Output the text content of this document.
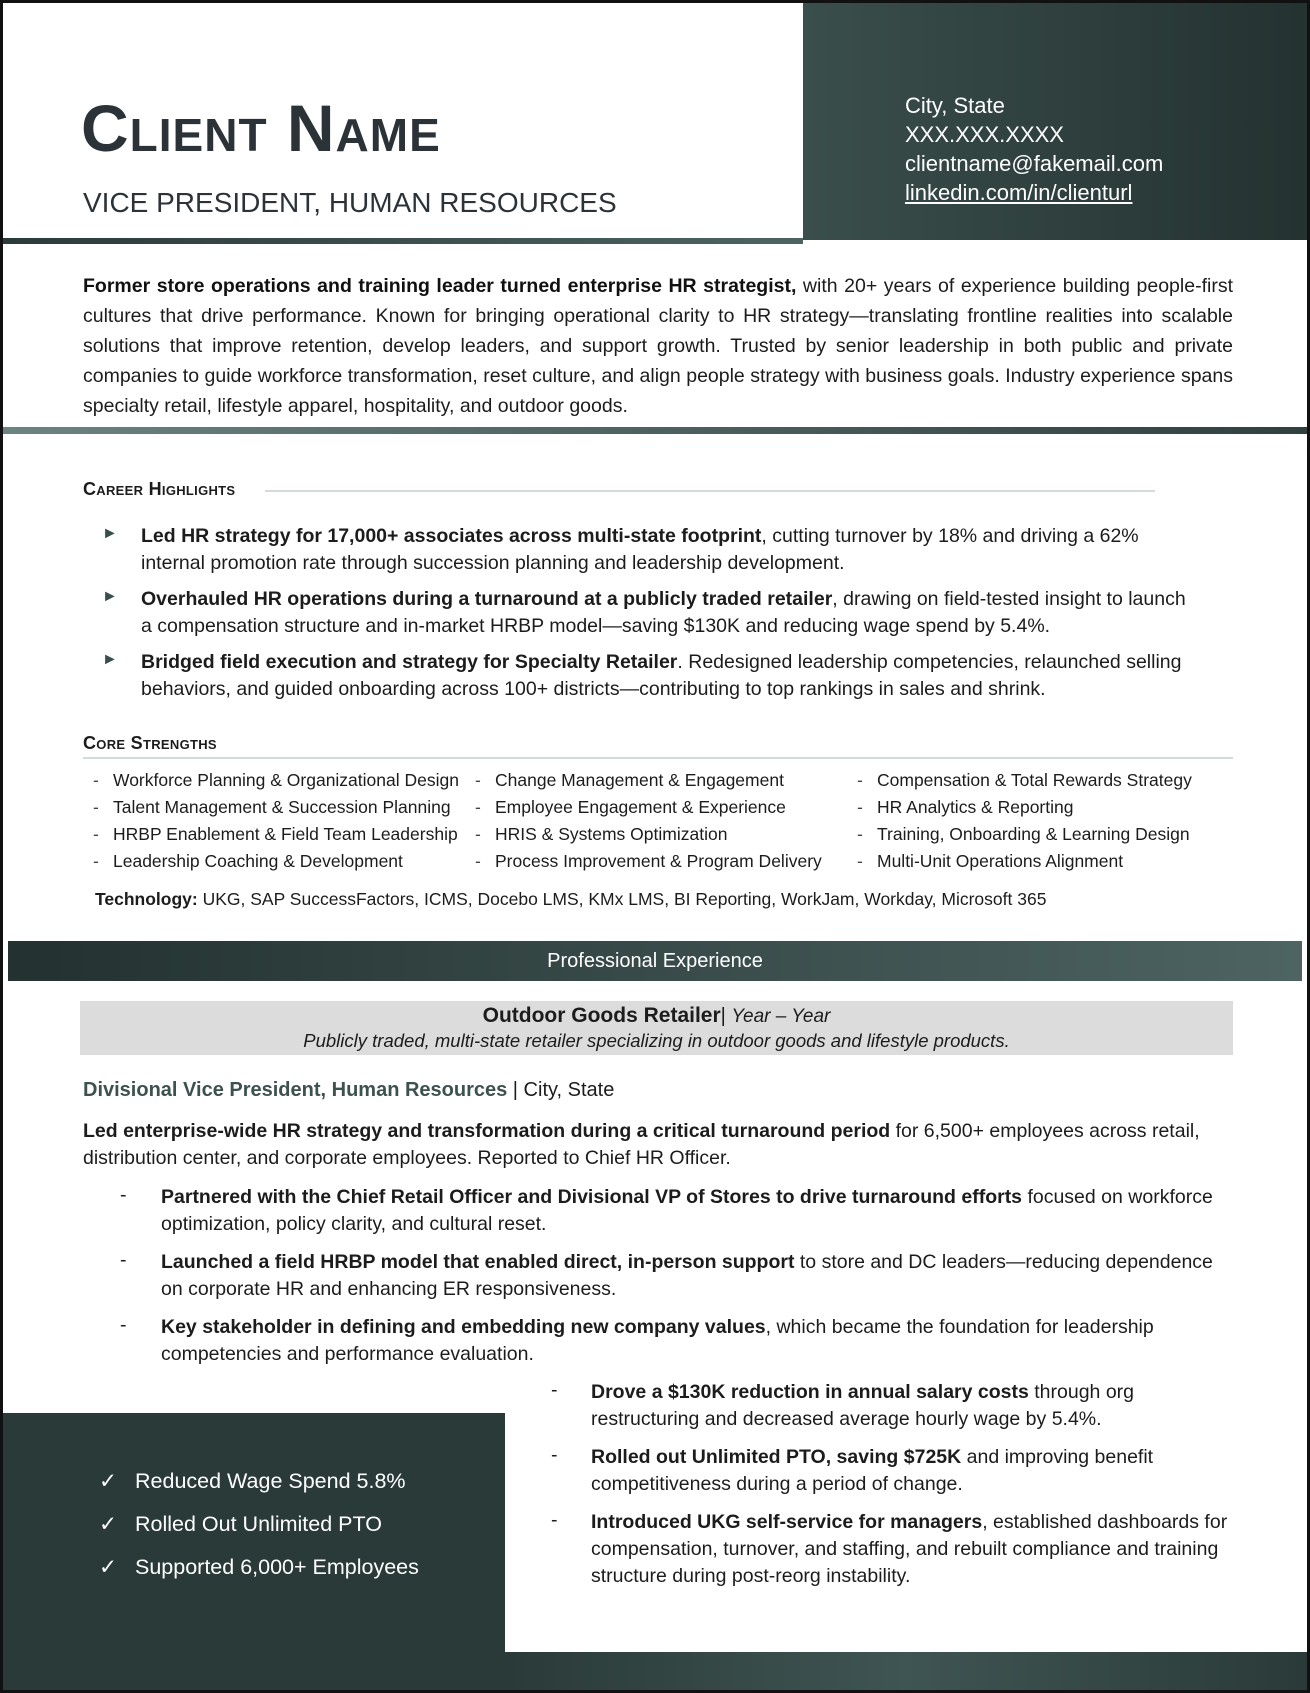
Client Name

VICE PRESIDENT, HUMAN RESOURCES

City, State
XXX.XXX.XXXX
clientname@fakemail.com
linkedin.com/in/clienturl

Former store operations and training leader turned enterprise HR strategist, with 20+ years of experience building people-first cultures that drive performance. Known for bringing operational clarity to HR strategy—translating frontline realities into scalable solutions that improve retention, develop leaders, and support growth. Trusted by senior leadership in both public and private companies to guide workforce transformation, reset culture, and align people strategy with business goals. Industry experience spans specialty retail, lifestyle apparel, hospitality, and outdoor goods.

Career Highlights
► Led HR strategy for 17,000+ associates across multi-state footprint, cutting turnover by 18% and driving a 62% internal promotion rate through succession planning and leadership development.
► Overhauled HR operations during a turnaround at a publicly traded retailer, drawing on field-tested insight to launch a compensation structure and in-market HRBP model—saving $130K and reducing wage spend by 5.4%.
► Bridged field execution and strategy for Specialty Retailer. Redesigned leadership competencies, relaunched selling behaviors, and guided onboarding across 100+ districts—contributing to top rankings in sales and shrink.
Core Strengths
- Workforce Planning & Organizational Design
- Talent Management & Succession Planning
- HRBP Enablement & Field Team Leadership
- Leadership Coaching & Development
- Change Management & Engagement
- Employee Engagement & Experience
- HRIS & Systems Optimization
- Process Improvement & Program Delivery
- Compensation & Total Rewards Strategy
- HR Analytics & Reporting
- Training, Onboarding & Learning Design
- Multi-Unit Operations Alignment
Technology: UKG, SAP SuccessFactors, ICMS, Docebo LMS, KMx LMS, BI Reporting, WorkJam, Workday, Microsoft 365
Professional Experience
Outdoor Goods Retailer| Year – Year
Publicly traded, multi-state retailer specializing in outdoor goods and lifestyle products.
Divisional Vice President, Human Resources | City, State
Led enterprise-wide HR strategy and transformation during a critical turnaround period for 6,500+ employees across retail, distribution center, and corporate employees. Reported to Chief HR Officer.
- Partnered with the Chief Retail Officer and Divisional VP of Stores to drive turnaround efforts focused on workforce optimization, policy clarity, and cultural reset.
- Launched a field HRBP model that enabled direct, in-person support to store and DC leaders—reducing dependence on corporate HR and enhancing ER responsiveness.
- Key stakeholder in defining and embedding new company values, which became the foundation for leadership competencies and performance evaluation.
- Drove a $130K reduction in annual salary costs through org restructuring and decreased average hourly wage by 5.4%.
- Rolled out Unlimited PTO, saving $725K and improving benefit competitiveness during a period of change.
- Introduced UKG self-service for managers, established dashboards for compensation, turnover, and staffing, and rebuilt compliance and training structure during post-reorg instability.
✓ Reduced Wage Spend 5.8%
✓ Rolled Out Unlimited PTO
✓ Supported 6,000+ Employees
